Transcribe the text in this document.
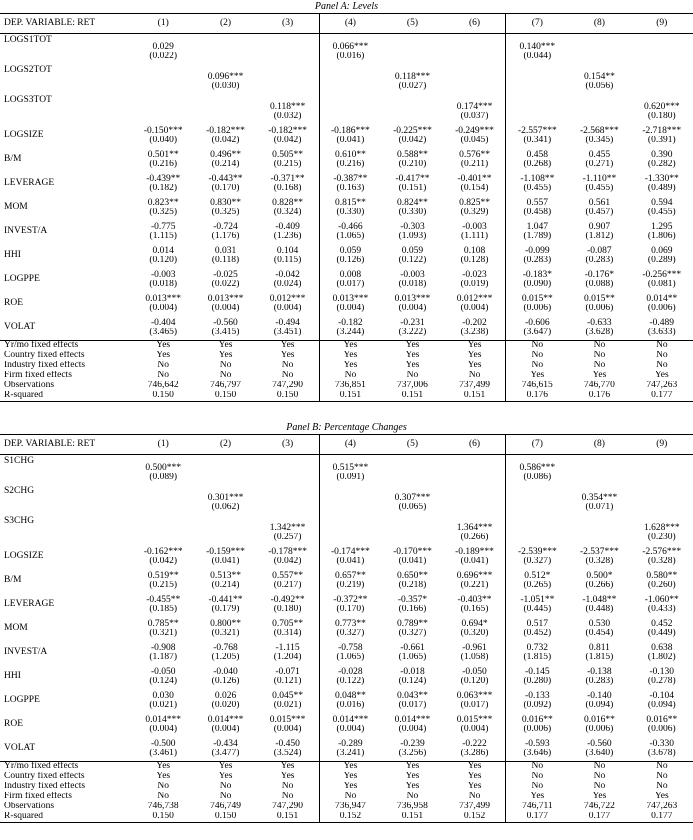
Panel A: Levels
DEP. VARIABLE: RET	(1)	(2)	(3)	(4)	(5)	(6)	(7)	(8)	(9)
LOGS1TOT	0.029			0.066***			0.140***		
	(0.022)			(0.016)			(0.044)		
LOGS2TOT		0.096***			0.118***			0.154**	
		(0.030)			(0.027)			(0.056)	
LOGS3TOT			0.118***			0.174***			0.620***
			(0.032)			(0.037)			(0.180)
LOGSIZE	-0.150***	-0.182***	-0.182***	-0.186***	-0.225***	-0.249***	-2.557***	-2.568***	-2.718***
	(0.040)	(0.042)	(0.042)	(0.041)	(0.042)	(0.045)	(0.341)	(0.345)	(0.391)
B/M	0.501**	0.496**	0.505**	0.610**	0.588**	0.576**	0.458	0.455	0.390
	(0.216)	(0.214)	(0.215)	(0.216)	(0.210)	(0.211)	(0.268)	(0.271)	(0.282)
LEVERAGE	-0.439**	-0.443**	-0.371**	-0.387**	-0.417**	-0.401**	-1.108**	-1.110**	-1.330**
	(0.182)	(0.170)	(0.168)	(0.163)	(0.151)	(0.154)	(0.455)	(0.455)	(0.489)
MOM	0.823**	0.830**	0.828**	0.815**	0.824**	0.825**	0.557	0.561	0.594
	(0.325)	(0.325)	(0.324)	(0.330)	(0.330)	(0.329)	(0.458)	(0.457)	(0.455)
INVEST/A	-0.775	-0.724	-0.409	-0.466	-0.303	-0.003	1.047	0.907	1.295
	(1.115)	(1.176)	(1.236)	(1.065)	(1.093)	(1.111)	(1.789)	(1.812)	(1.806)
HHI	0.014	0.031	0.104	0.059	0.059	0.108	-0.099	-0.087	0.069
	(0.120)	(0.118)	(0.115)	(0.126)	(0.122)	(0.128)	(0.283)	(0.283)	(0.289)
LOGPPE	-0.003	-0.025	-0.042	0.008	-0.003	-0.023	-0.183*	-0.176*	-0.256***
	(0.018)	(0.022)	(0.024)	(0.017)	(0.018)	(0.019)	(0.090)	(0.088)	(0.081)
ROE	0.013***	0.013***	0.012***	0.013***	0.013***	0.012***	0.015**	0.015**	0.014**
	(0.004)	(0.004)	(0.004)	(0.004)	(0.004)	(0.004)	(0.006)	(0.006)	(0.006)
VOLAT	-0.404	-0.560	-0.494	-0.182	-0.231	-0.202	-0.606	-0.633	-0.489
	(3.465)	(3.415)	(3.451)	(3.244)	(3.222)	(3.238)	(3.647)	(3.628)	(3.633)
Yr/mo fixed effects	Yes	Yes	Yes	Yes	Yes	Yes	No	No	No
Country fixed effects	Yes	Yes	Yes	Yes	Yes	Yes	No	No	No
Industry fixed effects	No	No	No	Yes	Yes	Yes	No	No	No
Firm fixed effects	No	No	No	No	No	No	Yes	Yes	Yes
Observations	746,642	746,797	747,290	736,851	737,006	737,499	746,615	746,770	747,263
R-squared	0.150	0.150	0.150	0.151	0.151	0.151	0.176	0.176	0.177
Panel B: Percentage Changes
DEP. VARIABLE: RET	(1)	(2)	(3)	(4)	(5)	(6)	(7)	(8)	(9)
S1CHG	0.500***			0.515***			0.586***		
	(0.089)			(0.091)			(0.086)		
S2CHG		0.301***			0.307***			0.354***	
		(0.062)			(0.065)			(0.071)	
S3CHG			1.342***			1.364***			1.628***
			(0.257)			(0.266)			(0.230)
LOGSIZE	-0.162***	-0.159***	-0.178***	-0.174***	-0.170***	-0.189***	-2.539***	-2.537***	-2.576***
	(0.042)	(0.041)	(0.042)	(0.041)	(0.041)	(0.041)	(0.327)	(0.328)	(0.328)
B/M	0.519**	0.513**	0.557**	0.657**	0.650**	0.696***	0.512*	0.500*	0.580**
	(0.215)	(0.214)	(0.217)	(0.219)	(0.218)	(0.221)	(0.265)	(0.266)	(0.260)
LEVERAGE	-0.455**	-0.441**	-0.492**	-0.372**	-0.357*	-0.403**	-1.051**	-1.048**	-1.060**
	(0.185)	(0.179)	(0.180)	(0.170)	(0.166)	(0.165)	(0.445)	(0.448)	(0.433)
MOM	0.785**	0.800**	0.705**	0.773**	0.789**	0.694*	0.517	0.530	0.452
	(0.321)	(0.321)	(0.314)	(0.327)	(0.327)	(0.320)	(0.452)	(0.454)	(0.449)
INVEST/A	-0.908	-0.768	-1.115	-0.758	-0.661	-0.961	0.732	0.811	0.638
	(1.187)	(1.205)	(1.204)	(1.065)	(1.065)	(1.058)	(1.815)	(1.815)	(1.802)
HHI	-0.050	-0.040	-0.071	-0.028	-0.018	-0.050	-0.145	-0.138	-0.130
	(0.124)	(0.126)	(0.121)	(0.122)	(0.124)	(0.120)	(0.280)	(0.283)	(0.278)
LOGPPE	0.030	0.026	0.045**	0.048**	0.043**	0.063***	-0.133	-0.140	-0.104
	(0.021)	(0.020)	(0.021)	(0.016)	(0.017)	(0.017)	(0.092)	(0.094)	(0.094)
ROE	0.014***	0.014***	0.015***	0.014***	0.014***	0.015***	0.016**	0.016**	0.016**
	(0.004)	(0.004)	(0.004)	(0.004)	(0.004)	(0.004)	(0.006)	(0.006)	(0.006)
VOLAT	-0.500	-0.434	-0.450	-0.289	-0.239	-0.222	-0.593	-0.560	-0.330
	(3.461)	(3.477)	(3.524)	(3.241)	(3.256)	(3.286)	(3.646)	(3.640)	(3.678)
Yr/mo fixed effects	Yes	Yes	Yes	Yes	Yes	Yes	No	No	No
Country fixed effects	Yes	Yes	Yes	Yes	Yes	Yes	No	No	No
Industry fixed effects	No	No	No	Yes	Yes	Yes	No	No	No
Firm fixed effects	No	No	No	No	No	No	Yes	Yes	Yes
Observations	746,738	746,749	747,290	736,947	736,958	737,499	746,711	746,722	747,263
R-squared	0.150	0.150	0.151	0.152	0.151	0.152	0.177	0.177	0.177
